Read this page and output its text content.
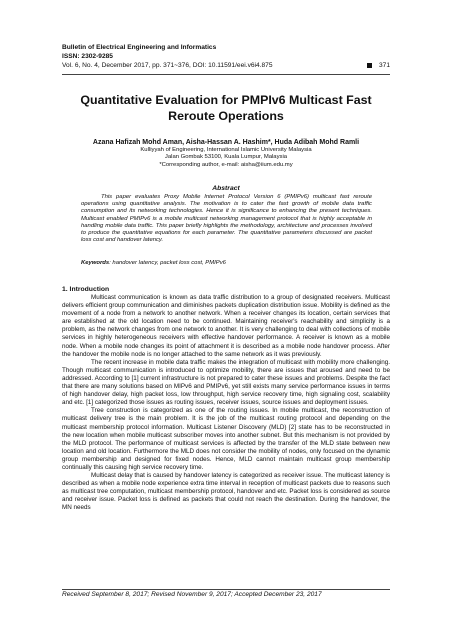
Bulletin of Electrical Engineering and Informatics
ISSN: 2302-9285
Vol. 6, No. 4, December 2017, pp. 371~376, DOI: 10.11591/eei.v6i4.875	371
Quantitative Evaluation for PMPIv6 Multicast Fast Reroute Operations
Azana Hafizah Mohd Aman, Aisha-Hassan A. Hashim*, Huda Adibah Mohd Ramli
Kulliyyah of Engineering, International Islamic University Malaysia
Jalan Gombak 53100, Kuala Lumpur, Malaysia
*Corresponding author, e-mail: aisha@iium.edu.my
Abstract

This paper evaluates Proxy Mobile Internet Protocol Version 6 (PMIPv6) multicast fast reroute operations using quantitative analysis. The motivation is to cater the fast growth of mobile data traffic consumption and its networking technologies. Hence it is significance to enhancing the present techniques. Multicast enabled PMIPv6 is a mobile multicast networking management protocol that is highly acceptable in handling mobile data traffic. This paper briefly highlights the methodology, architecture and processes involved to produce the quantitative equations for each parameter. The quantitative parameters discussed are packet loss cost and handover latency.

Keywords: handover latency, packet loss cost, PMIPv6

1. Introduction

Multicast communication is known as data traffic distribution to a group of designated receivers. Multicast delivers efficient group communication and diminishes packets duplication distribution issue. Mobility is defined as the movement of a node from a network to another network. When a receiver changes its location, certain services that are established at the old location need to be continued. Maintaining receiver's reachability and simplicity is a problem, as the network changes from one network to another. It is very challenging to deal with collections of mobile services in highly heterogeneous receivers with effective handover performance. A receiver is known as a mobile node. When a mobile node changes its point of attachment it is described as a mobile node handover process. After the handover the mobile node is no longer attached to the same network as it was previously.

The recent increase in mobile data traffic makes the integration of multicast with mobility more challenging. Though multicast communication is introduced to optimize mobility, there are issues that aroused and need to be addressed. According to [1] current infrastructure is not prepared to cater these issues and problems. Despite the fact that there are many solutions based on MIPv6 and PMIPv6, yet still exists many service performance issues in terms of high handover delay, high packet loss, low throughput, high service recovery time, high signaling cost, scalability and etc. [1] categorized those issues as routing issues, receiver issues, source issues and deployment issues.

Tree construction is categorized as one of the routing issues. In mobile multicast, the reconstruction of multicast delivery tree is the main problem. It is the job of the multicast routing protocol and depending on the multicast membership protocol information. Multicast Listener Discovery (MLD) [2] state has to be reconstructed in the new location when mobile multicast subscriber moves into another subnet. But this mechanism is not provided by the MLD protocol. The performance of multicast services is affected by the transfer of the MLD state between new location and old location. Furthermore the MLD does not consider the mobility of nodes, only focused on the dynamic group membership and designed for fixed nodes. Hence, MLD cannot maintain multicast group membership continually this causing high service recovery time.

Multicast delay that is caused by handover latency is categorized as receiver issue. The multicast latency is described as when a mobile node experience extra time interval in reception of multicast packets due to reasons such as multicast tree computation, multicast membership protocol, handover and etc. Packet loss is considered as source and receiver issue. Packet loss is defined as packets that could not reach the destination. During the handover, the MN needs

Received September 8, 2017; Revised November 9, 2017; Accepted December 23, 2017
